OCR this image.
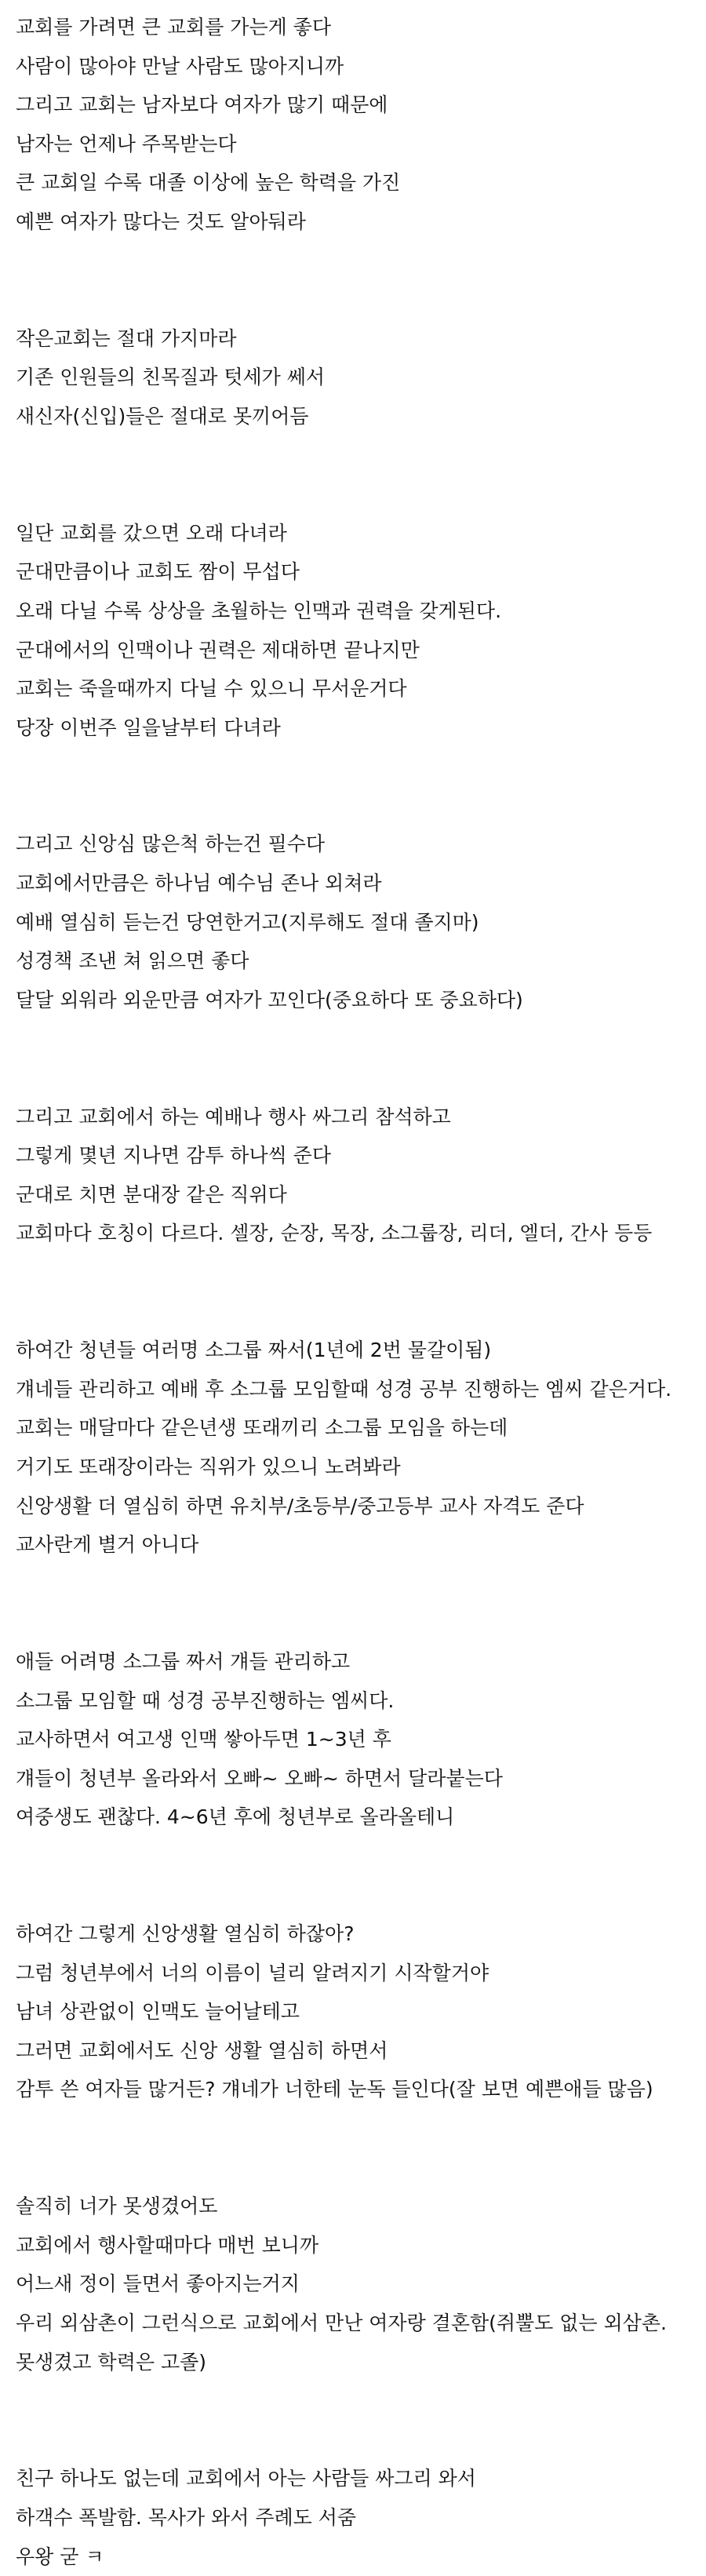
교회를 가려면 큰 교회를 가는게 좋다
사람이 많아야 만날 사람도 많아지니까
그리고 교회는 남자보다 여자가 많기 때문에
남자는 언제나 주목받는다
큰 교회일 수록 대졸 이상에 높은 학력을 가진
예쁜 여자가 많다는 것도 알아둬라
작은교회는 절대 가지마라
기존 인원들의 친목질과 텃세가 쎄서
새신자(신입)들은 절대로 못끼어듬
일단 교회를 갔으면 오래 다녀라
군대만큼이나 교회도 짬이 무섭다
오래 다닐 수록 상상을 초월하는 인맥과 권력을 갖게된다.
군대에서의 인맥이나 권력은 제대하면 끝나지만
교회는 죽을때까지 다닐 수 있으니 무서운거다
당장 이번주 일을날부터 다녀라
그리고 신앙심 많은척 하는건 필수다
교회에서만큼은 하나님 예수님 존나 외쳐라
예배 열심히 듣는건 당연한거고(지루해도 절대 졸지마)
성경책 조낸 쳐 읽으면 좋다
달달 외워라 외운만큼 여자가 꼬인다(중요하다 또 중요하다)
그리고 교회에서 하는 예배나 행사 싸그리 참석하고
그렇게 몇년 지나면 감투 하나씩 준다
군대로 치면 분대장 같은 직위다
교회마다 호칭이 다르다. 셀장, 순장, 목장, 소그룹장, 리더, 엘더, 간사 등등
하여간 청년들 여러명 소그룹 짜서(1년에 2번 물갈이됨)
걔네들 관리하고 예배 후 소그룹 모임할때 성경 공부 진행하는 엠씨 같은거다.
교회는 매달마다 같은년생 또래끼리 소그룹 모임을 하는데
거기도 또래장이라는 직위가 있으니 노려봐라
신앙생활 더 열심히 하면 유치부/초등부/중고등부 교사 자격도 준다
교사란게 별거 아니다
애들 어려명 소그룹 짜서 걔들 관리하고
소그룹 모임할 때 성경 공부진행하는 엠씨다.
교사하면서 여고생 인맥 쌓아두면 1~3년 후
걔들이 청년부 올라와서 오빠~ 오빠~ 하면서 달라붙는다
여중생도 괜찮다. 4~6년 후에 청년부로 올라올테니
하여간 그렇게 신앙생활 열심히 하잖아?
그럼 청년부에서 너의 이름이 널리 알려지기 시작할거야
남녀 상관없이 인맥도 늘어날테고
그러면 교회에서도 신앙 생활 열심히 하면서
감투 쓴 여자들 많거든? 걔네가 너한테 눈독 들인다(잘 보면 예쁜애들 많음)
솔직히 너가 못생겼어도
교회에서 행사할때마다 매번 보니까
어느새 정이 들면서 좋아지는거지
우리 외삼촌이 그런식으로 교회에서 만난 여자랑 결혼함(쥐뿔도 없는 외삼촌. 못생겼고 학력은 고졸)
친구 하나도 없는데 교회에서 아는 사람들 싸그리 와서
하객수 폭발함. 목사가 와서 주례도 서줌
우왕 굳 ㅋ
